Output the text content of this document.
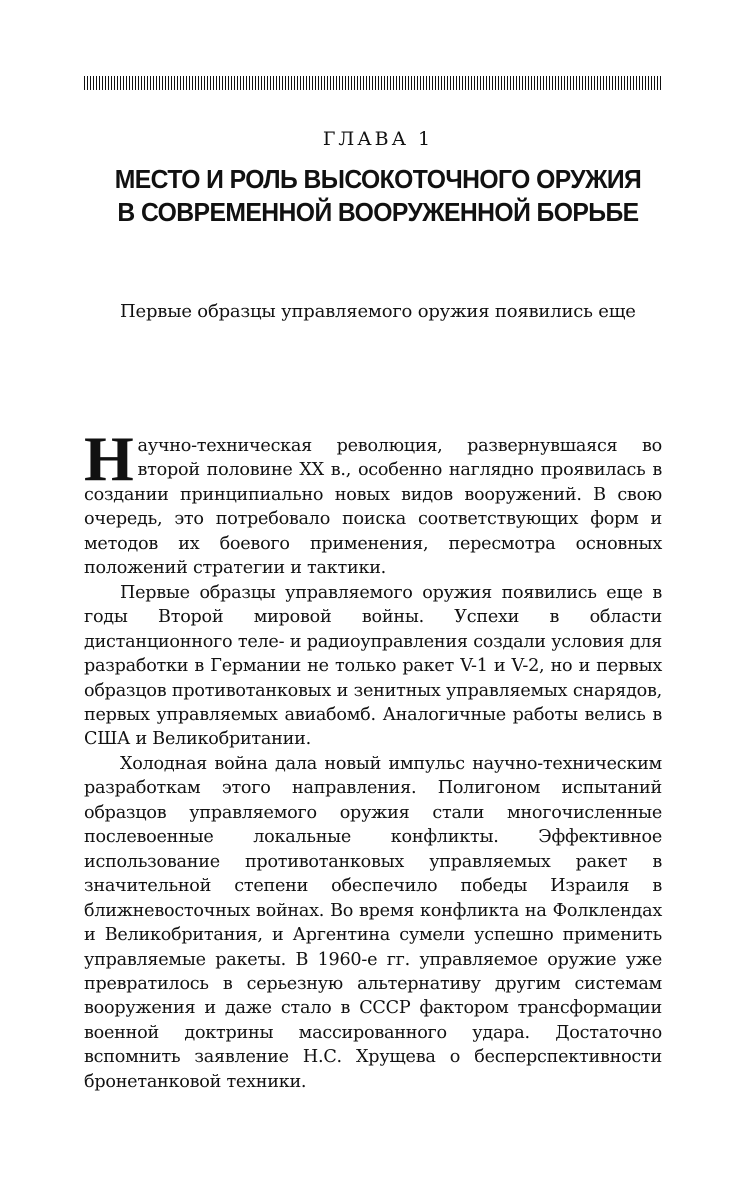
ГЛАВА 1
МЕСТО И РОЛЬ ВЫСОКОТОЧНОГО ОРУЖИЯ
В СОВРЕМЕННОЙ ВООРУЖЕННОЙ БОРЬБЕ
Первые образцы управляемого оружия появились еще

Научно-техническая революция, развернувшаяся во второй половине XX в., особенно наглядно проявилась в создании принципиально новых видов вооружений. В свою очередь, это потребовало поиска соответствующих форм и методов их боевого применения, пересмотра основных положений стратегии и тактики.

Первые образцы управляемого оружия появились еще в годы Второй мировой войны. Успехи в области дистанционного теле- и радиоуправления создали условия для разработки в Германии не только ракет V-1 и V-2, но и первых образцов противотанковых и зенитных управляемых снарядов, первых управляемых авиабомб. Аналогичные работы велись в США и Великобритании.

Холодная война дала новый импульс научно-техническим разработкам этого направления. Полигоном испытаний образцов управляемого оружия стали многочисленные послевоенные локальные конфликты. Эффективное использование противотанковых управляемых ракет в значительной степени обеспечило победы Израиля в ближневосточных войнах. Во время конфликта на Фолклендах и Великобритания, и Аргентина сумели успешно применить управляемые ракеты. В 1960-е гг. управляемое оружие уже превратилось в серьезную альтернативу другим системам вооружения и даже стало в СССР фактором трансформации военной доктрины массированного удара. Достаточно вспомнить заявление Н.С. Хрущева о бесперспективности бронетанковой техники.
